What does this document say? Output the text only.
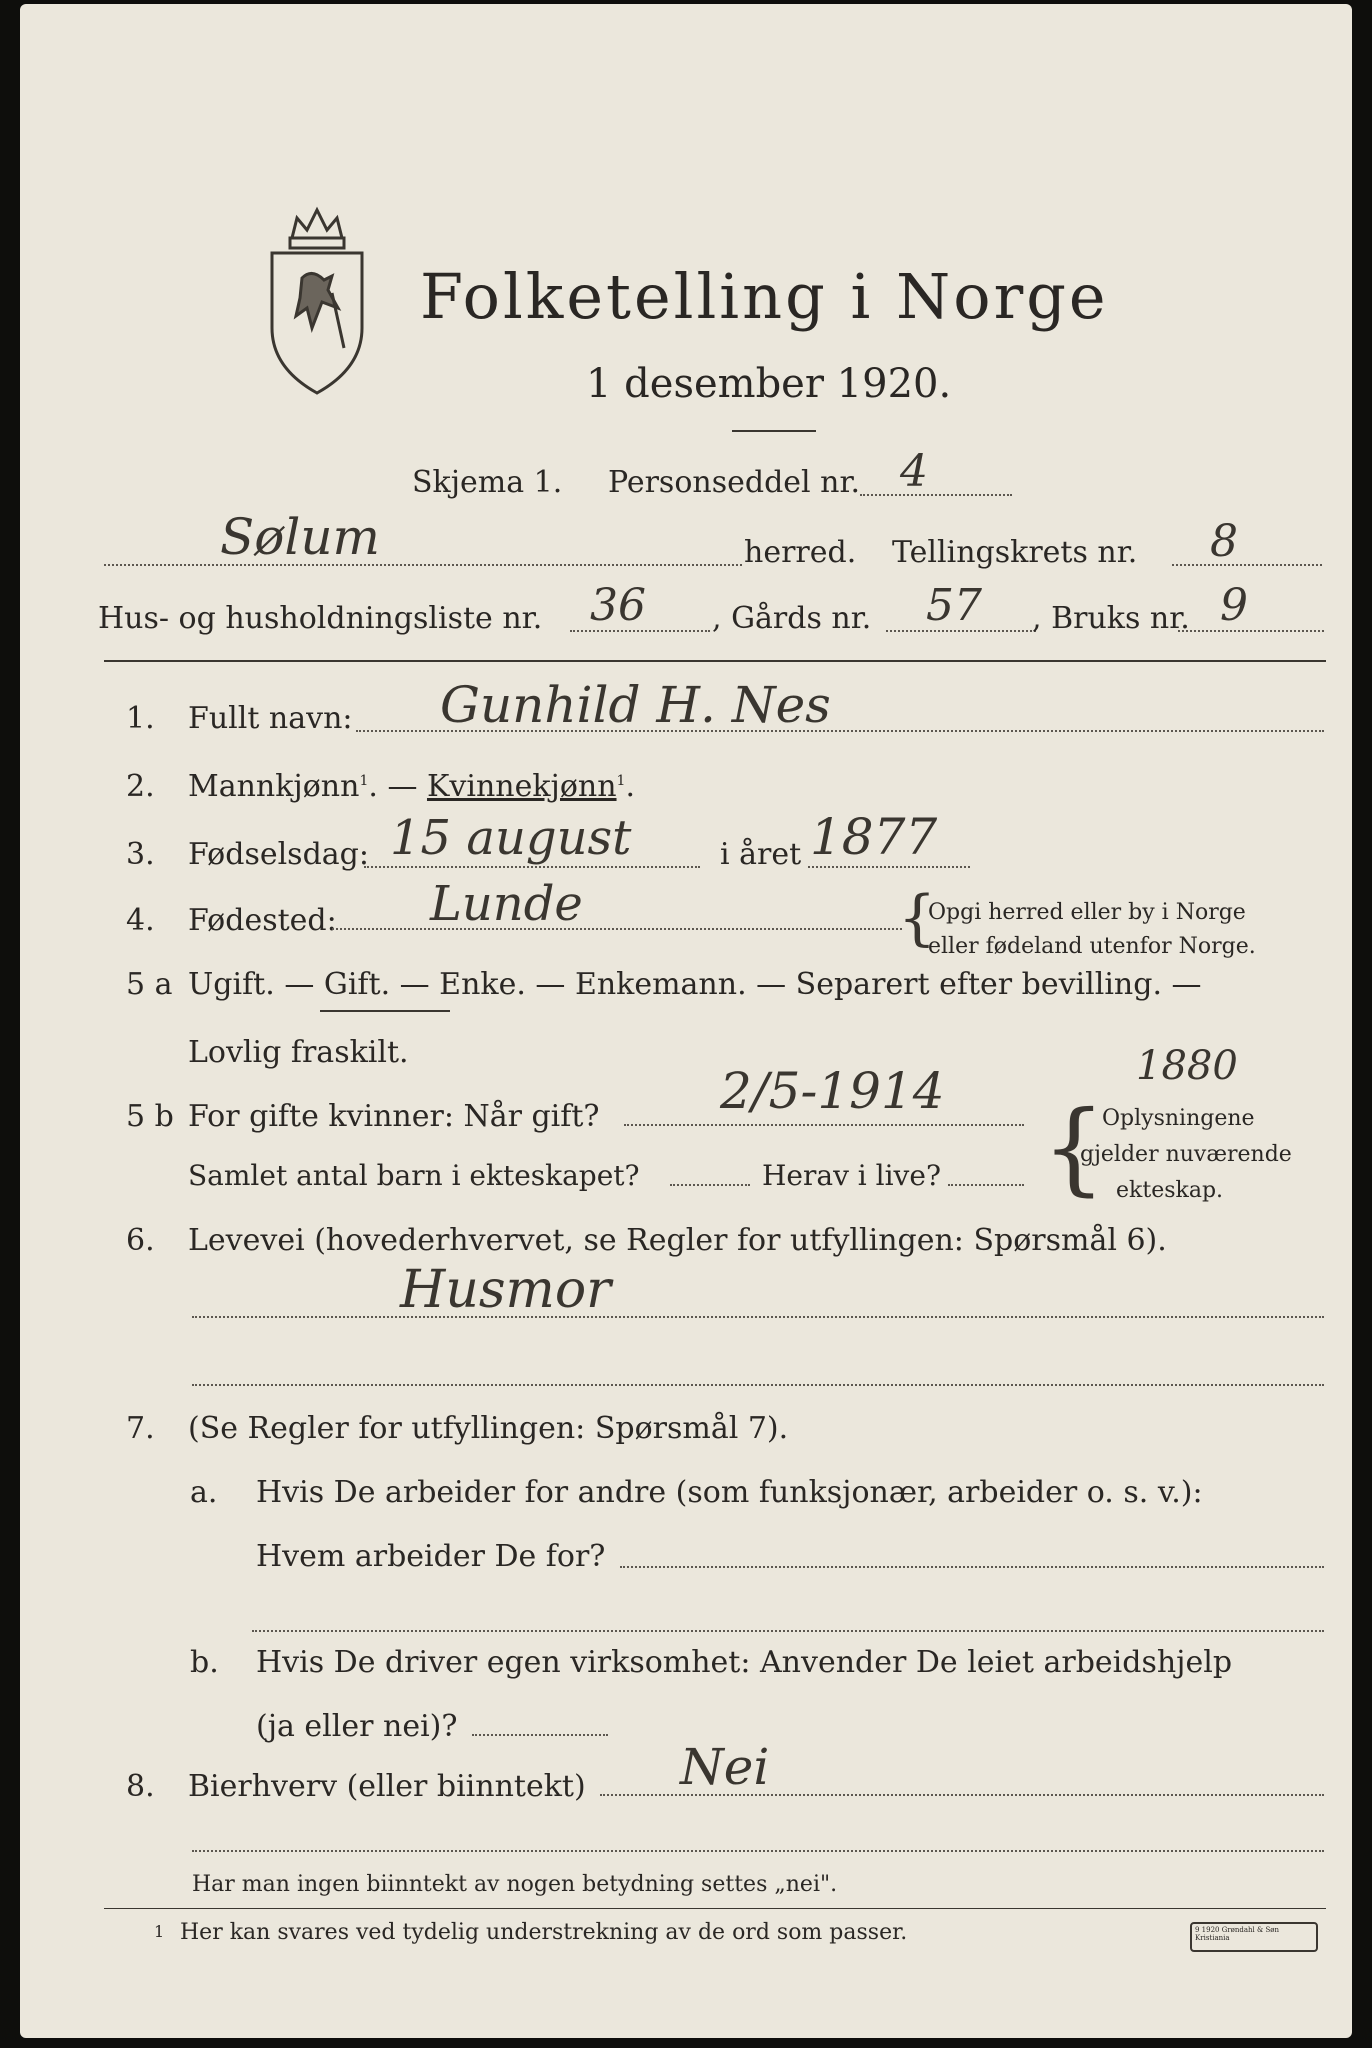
Folketelling i Norge
1 desember 1920.
Skjema 1. Personseddel nr. 4
Sølum	herred. Tellingskrets nr. 8
Hus- og husholdningsliste nr. 36 , Gårds nr. 57 , Bruks nr. 9
1.	Fullt navn: Gunhild H. Nes
2.	Mannkjønn$^1$. — Kvinnekjønn$^1$.
3.	Fødselsdag: 15 august	i året 1877
4.	Fødested: Lunde	{
Opgi herred eller by i Norge
eller fødeland utenfor Norge.
5 a Ugift. — Gift. — Enke. — Enkemann. — Separert efter bevilling. —
Lovlig fraskilt.
5 b For gifte kvinner: Når gift? 2/5-1914	1880
Samlet antal barn i ekteskapet?	Herav i live? {
Oplysningene
gjelder nuværende
ekteskap.
6.	Levevei (hovederhvervet, se Regler for utfyllingen: Spørsmål 6).
Husmor
7.	(Se Regler for utfyllingen: Spørsmål 7).
a. Hvis De arbeider for andre (som funksjonær, arbeider o. s. v.):
Hvem arbeider De for?
b. Hvis De driver egen virksomhet: Anvender De leiet arbeidshjelp
(ja eller nei)?
8.	Bierhverv (eller biinntekt) Nei
Har man ingen biinntekt av nogen betydning settes „nei".
1 Her kan svares ved tydelig understrekning av de ord som passer.	9 1920 Grøndahl & Søn Kristiania
